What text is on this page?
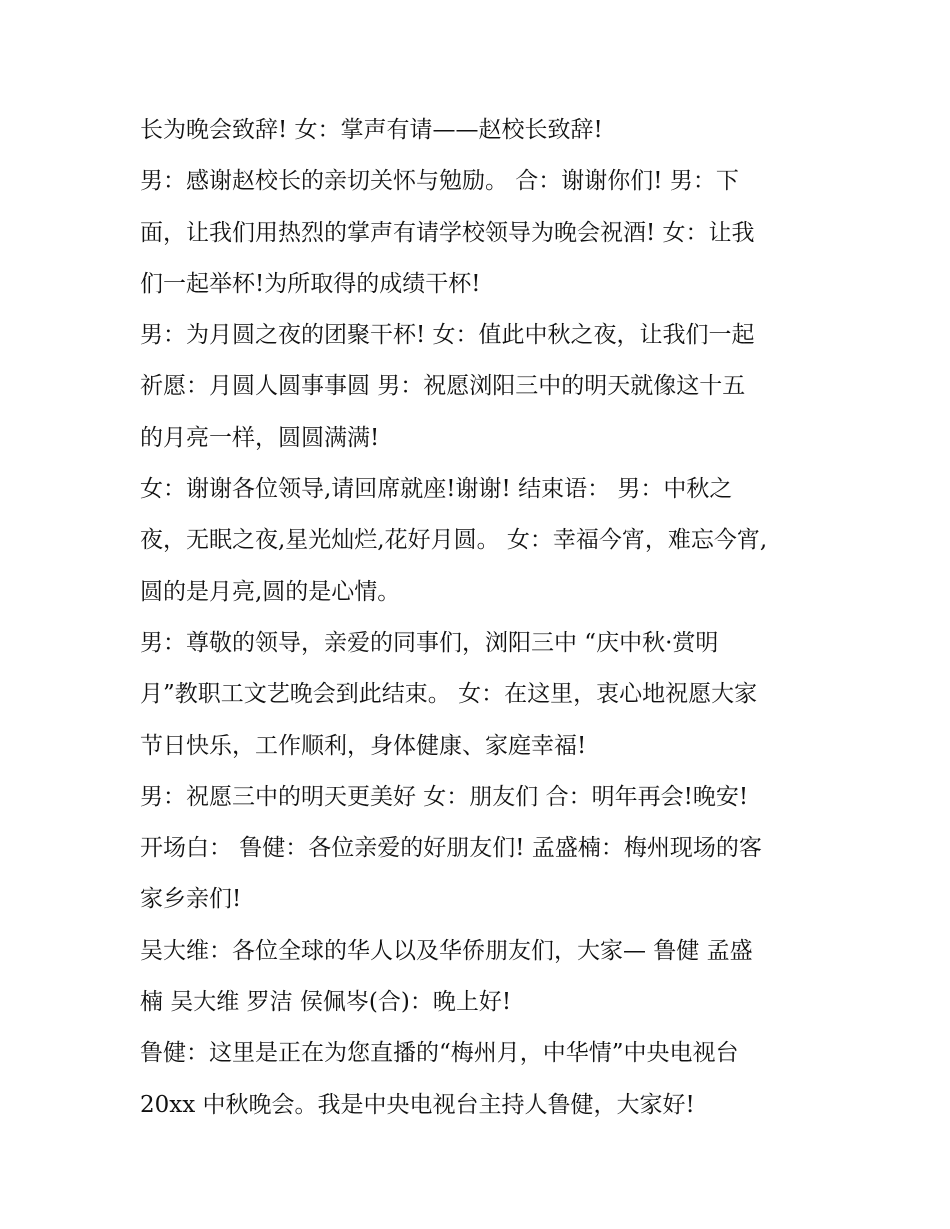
长为晚会致辞! 女：掌声有请——赵校长致辞!
男：感谢赵校长的亲切关怀与勉励。 合：谢谢你们! 男：下
面，让我们用热烈的掌声有请学校领导为晚会祝酒! 女：让我
们一起举杯!为所取得的成绩干杯!
男：为月圆之夜的团聚干杯! 女：值此中秋之夜，让我们一起
祈愿：月圆人圆事事圆 男：祝愿浏阳三中的明天就像这十五
的月亮一样，圆圆满满!
女：谢谢各位领导,请回席就座!谢谢! 结束语： 男：中秋之
夜，无眠之夜,星光灿烂,花好月圆。 女：幸福今宵，难忘今宵,
圆的是月亮,圆的是心情。
男：尊敬的领导，亲爱的同事们，浏阳三中 “庆中秋·赏明
月”教职工文艺晚会到此结束。 女：在这里，衷心地祝愿大家
节日快乐，工作顺利，身体健康、家庭幸福!
男：祝愿三中的明天更美好 女：朋友们 合：明年再会!晚安!
开场白： 鲁健：各位亲爱的好朋友们! 孟盛楠：梅州现场的客
家乡亲们!
吴大维：各位全球的华人以及华侨朋友们，大家— 鲁健 孟盛
楠 吴大维 罗洁 侯佩岑(合)：晚上好!
鲁健：这里是正在为您直播的“梅州月，中华情”中央电视台
20xx 中秋晚会。我是中央电视台主持人鲁健，大家好!
